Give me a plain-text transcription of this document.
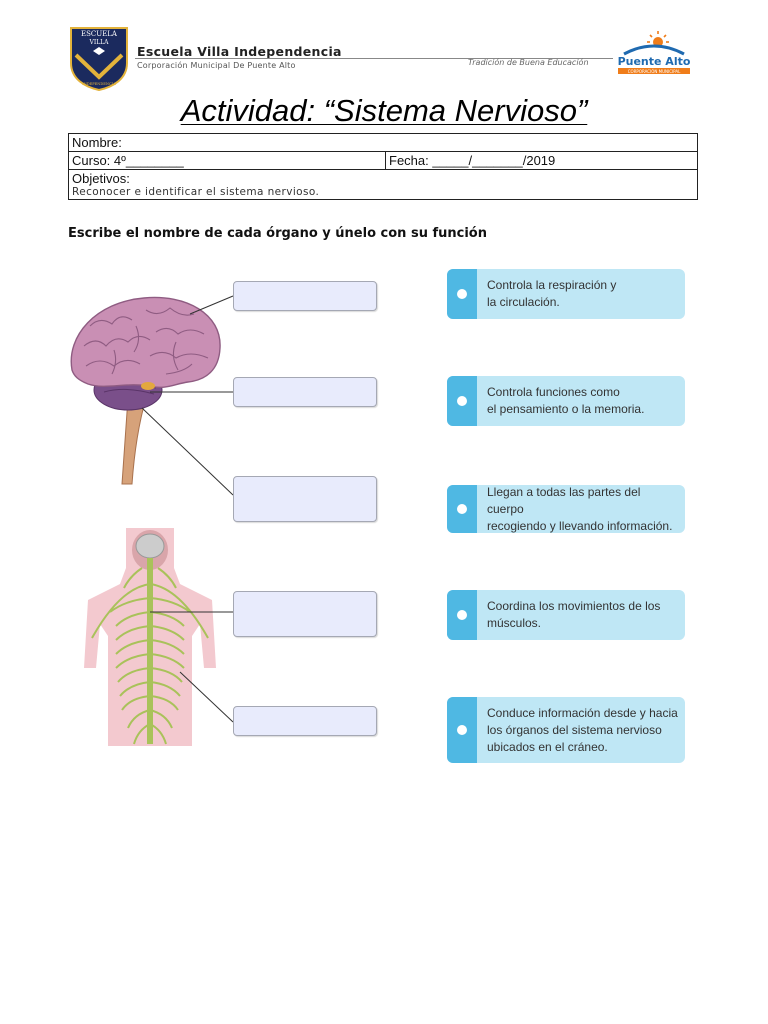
ESCUELA
VILLA
INDEPENDENCIA
Escuela Villa Independencia
Corporación Municipal De Puente Alto	Tradición de Buena Educación	Puente Alto
CORPORACIÓN MUNICIPAL
Actividad: “Sistema Nervioso”
Nombre:
Curso: 4º________	Fecha: _____/_______/2019

Objetivos:
Reconocer e identificar el sistema nervioso.
Escribe el nombre de cada órgano y únelo con su función
Controla la respiración y
la circulación.
Controla funciones como
el pensamiento o la memoria.
Llegan a todas las partes del cuerpo
recogiendo y llevando información.
Coordina los movimientos de los
músculos.
Conduce información desde y hacia
los órganos del sistema nervioso
ubicados en el cráneo.
